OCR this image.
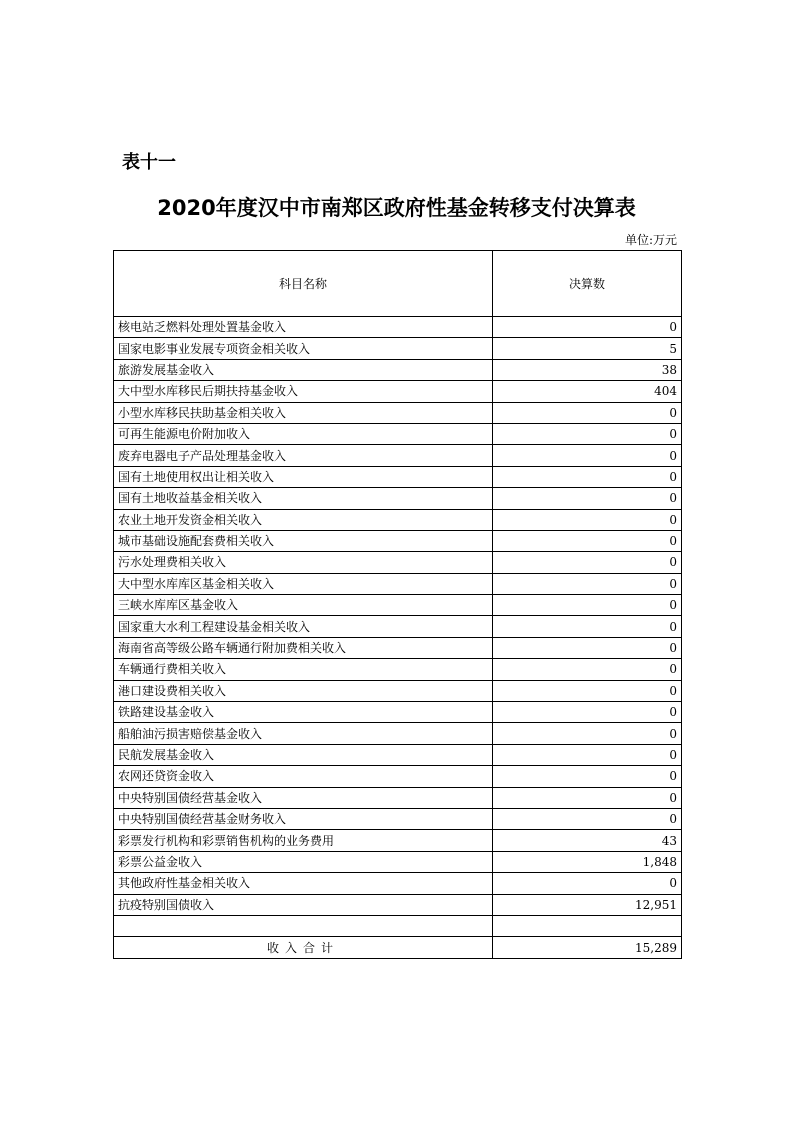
表十一
2020年度汉中市南郑区政府性基金转移支付决算表
单位:万元
科目名称	决算数
核电站乏燃料处理处置基金收入	0
国家电影事业发展专项资金相关收入	5
旅游发展基金收入	38
大中型水库移民后期扶持基金收入	404
小型水库移民扶助基金相关收入	0
可再生能源电价附加收入	0
废弃电器电子产品处理基金收入	0
国有土地使用权出让相关收入	0
国有土地收益基金相关收入	0
农业土地开发资金相关收入	0
城市基础设施配套费相关收入	0
污水处理费相关收入	0
大中型水库库区基金相关收入	0
三峡水库库区基金收入	0
国家重大水利工程建设基金相关收入	0
海南省高等级公路车辆通行附加费相关收入	0
车辆通行费相关收入	0
港口建设费相关收入	0
铁路建设基金收入	0
船舶油污损害赔偿基金收入	0
民航发展基金收入	0
农网还贷资金收入	0
中央特别国债经营基金收入	0
中央特别国债经营基金财务收入	0
彩票发行机构和彩票销售机构的业务费用	43
彩票公益金收入	1,848
其他政府性基金相关收入	0
抗疫特别国债收入	12,951

收入合计	15,289
